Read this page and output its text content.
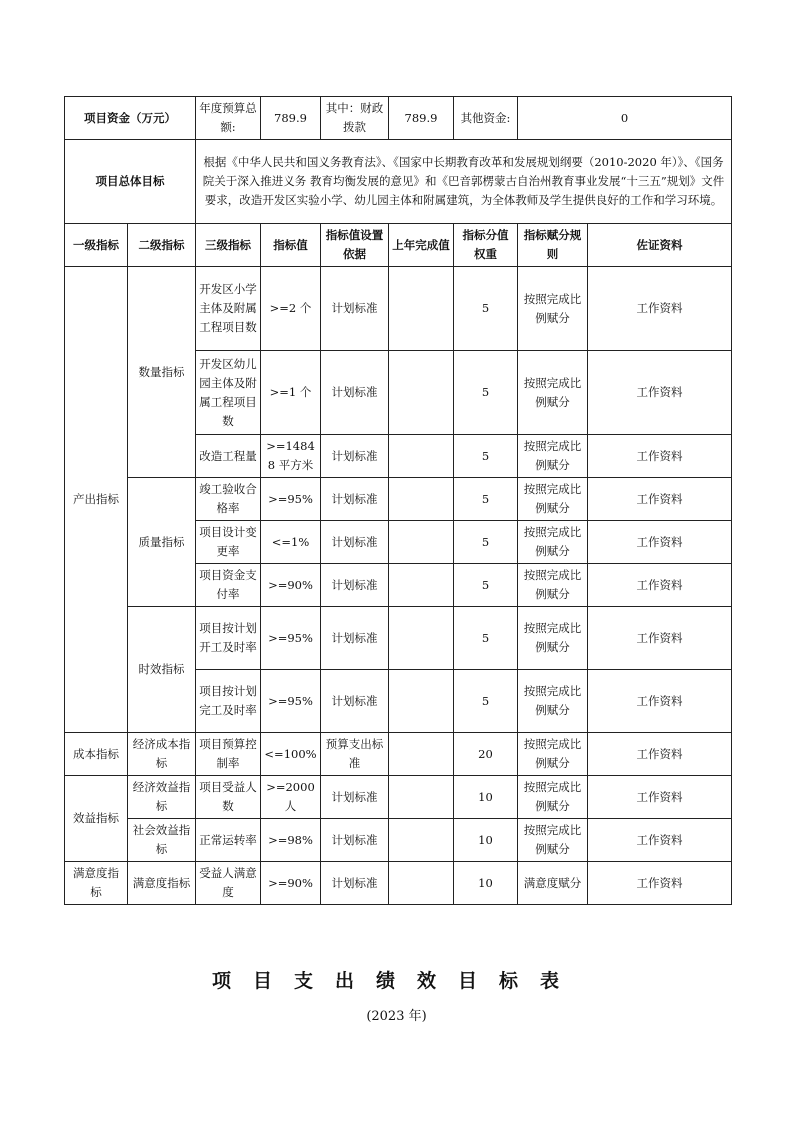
项目资金（万元）		年度预算总额:	789.9	其中：财政拨款	789.9	其他资金:	0	
项目总体目标		根据《中华人民共和国义务教育法》、《国家中长期教育改革和发展规划纲要（2010-2020 年）》、《国务院关于深入推进义务 教育均衡发展的意见》和《巴音郭楞蒙古自治州教育事业发展“十三五”规划》文件要求，改造开发区实验小学、幼儿园主体和附属建筑，为全体教师及学生提供良好的工作和学习环境。						
一级指标	二级指标	三级指标	指标值	指标值设置依据	上年完成值	指标分值权重	指标赋分规则	佐证资料
产出指标	数量指标	开发区小学主体及附属工程项目数	>=2 个	计划标准		5	按照完成比例赋分	工作资料
		开发区幼儿园主体及附属工程项目数	>=1 个	计划标准		5	按照完成比例赋分	工作资料
		改造工程量	>=14848 平方米	计划标准		5	按照完成比例赋分	工作资料
	质量指标	竣工验收合格率	>=95%	计划标准		5	按照完成比例赋分	工作资料
		项目设计变更率	<=1%	计划标准		5	按照完成比例赋分	工作资料
		项目资金支付率	>=90%	计划标准		5	按照完成比例赋分	工作资料
	时效指标	项目按计划开工及时率	>=95%	计划标准		5	按照完成比例赋分	工作资料
		项目按计划完工及时率	>=95%	计划标准		5	按照完成比例赋分	工作资料
成本指标	经济成本指标	项目预算控制率	<=100%	预算支出标准		20	按照完成比例赋分	工作资料
效益指标	经济效益指标	项目受益人数	>=2000 人	计划标准		10	按照完成比例赋分	工作资料
	社会效益指标	正常运转率	>=98%	计划标准		10	按照完成比例赋分	工作资料
满意度指标	满意度指标	受益人满意度	>=90%	计划标准		10	满意度赋分	工作资料
项目支出绩效目标表
(2023 年)
